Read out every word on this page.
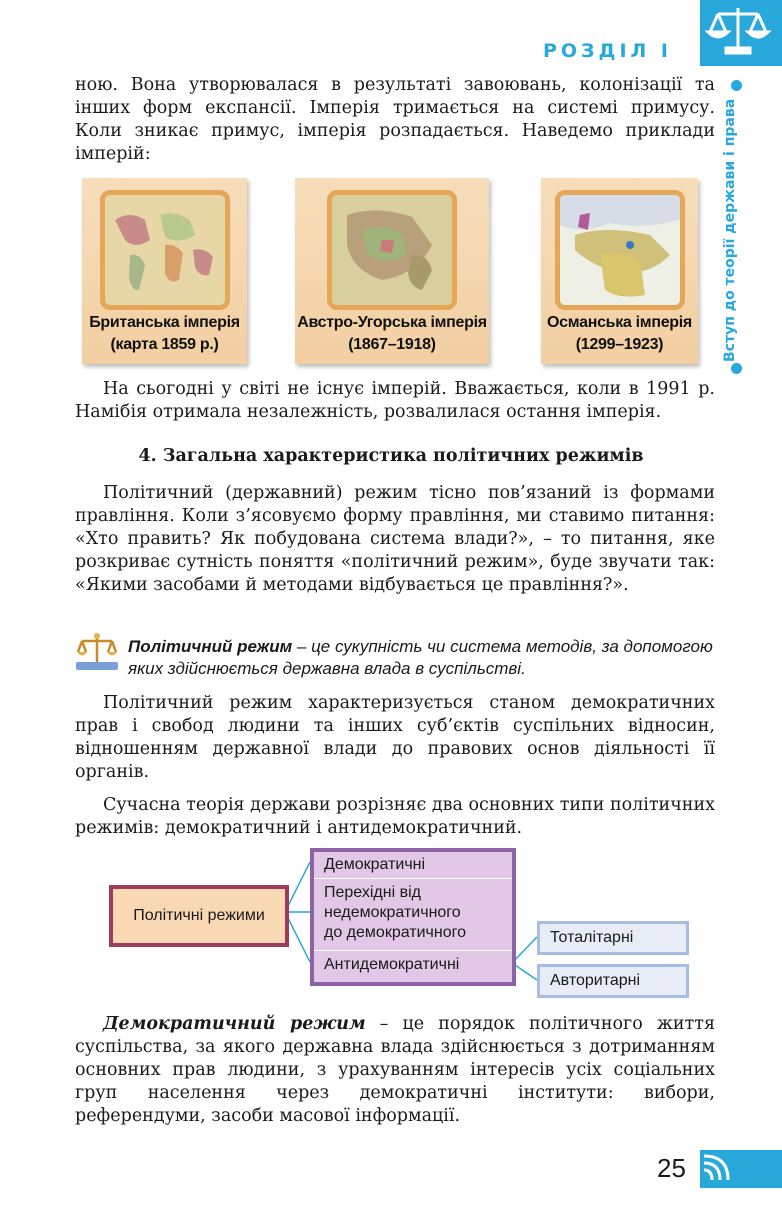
РОЗДІЛ І
Вступ до теорії держави і права
ною. Вона утворювалася в результаті завоювань, колонізації та інших форм експансії. Імперія тримається на системі примусу. Коли зникає примус, імперія розпадається. Наведемо приклади імперій:
Британська імперія
(карта 1859 р.)
Австро-Угорська імперія
(1867–1918)
Османська імперія
(1299–1923)
На сьогодні у світі не існує імперій. Вважається, коли в 1991 р. Намібія отримала незалежність, розвалилася остання імперія.
4. Загальна характеристика політичних режимів
Політичний (державний) режим тісно пов’язаний із формами правління. Коли з’ясовуємо форму правління, ми ставимо питання: «Хто править? Як побудована система влади?», – то питання, яке розкриває сутність поняття «політичний режим», буде звучати так: «Якими засобами й методами відбувається це правління?».
Політичний режим – це сукупність чи система методів, за допомогою яких здійснюється державна влада в суспільстві.
Політичний режим характеризується станом демократичних прав і свобод людини та інших суб’єктів суспільних відносин, відношенням державної влади до правових основ діяльності її органів.
Сучасна теорія держави розрізняє два основних типи політичних режимів: демократичний і антидемократичний.
Політичні режими
Демократичні
Перехідні від
недемократичного
до демократичного
Антидемократичні
Тоталітарні
Авторитарні
Демократичний режим – це порядок політичного життя суспільства, за якого державна влада здійснюється з дотриманням основних прав людини, з урахуванням інтересів усіх соціальних груп населення через демократичні інститути: вибори, референдуми, засоби масової інформації.
25
